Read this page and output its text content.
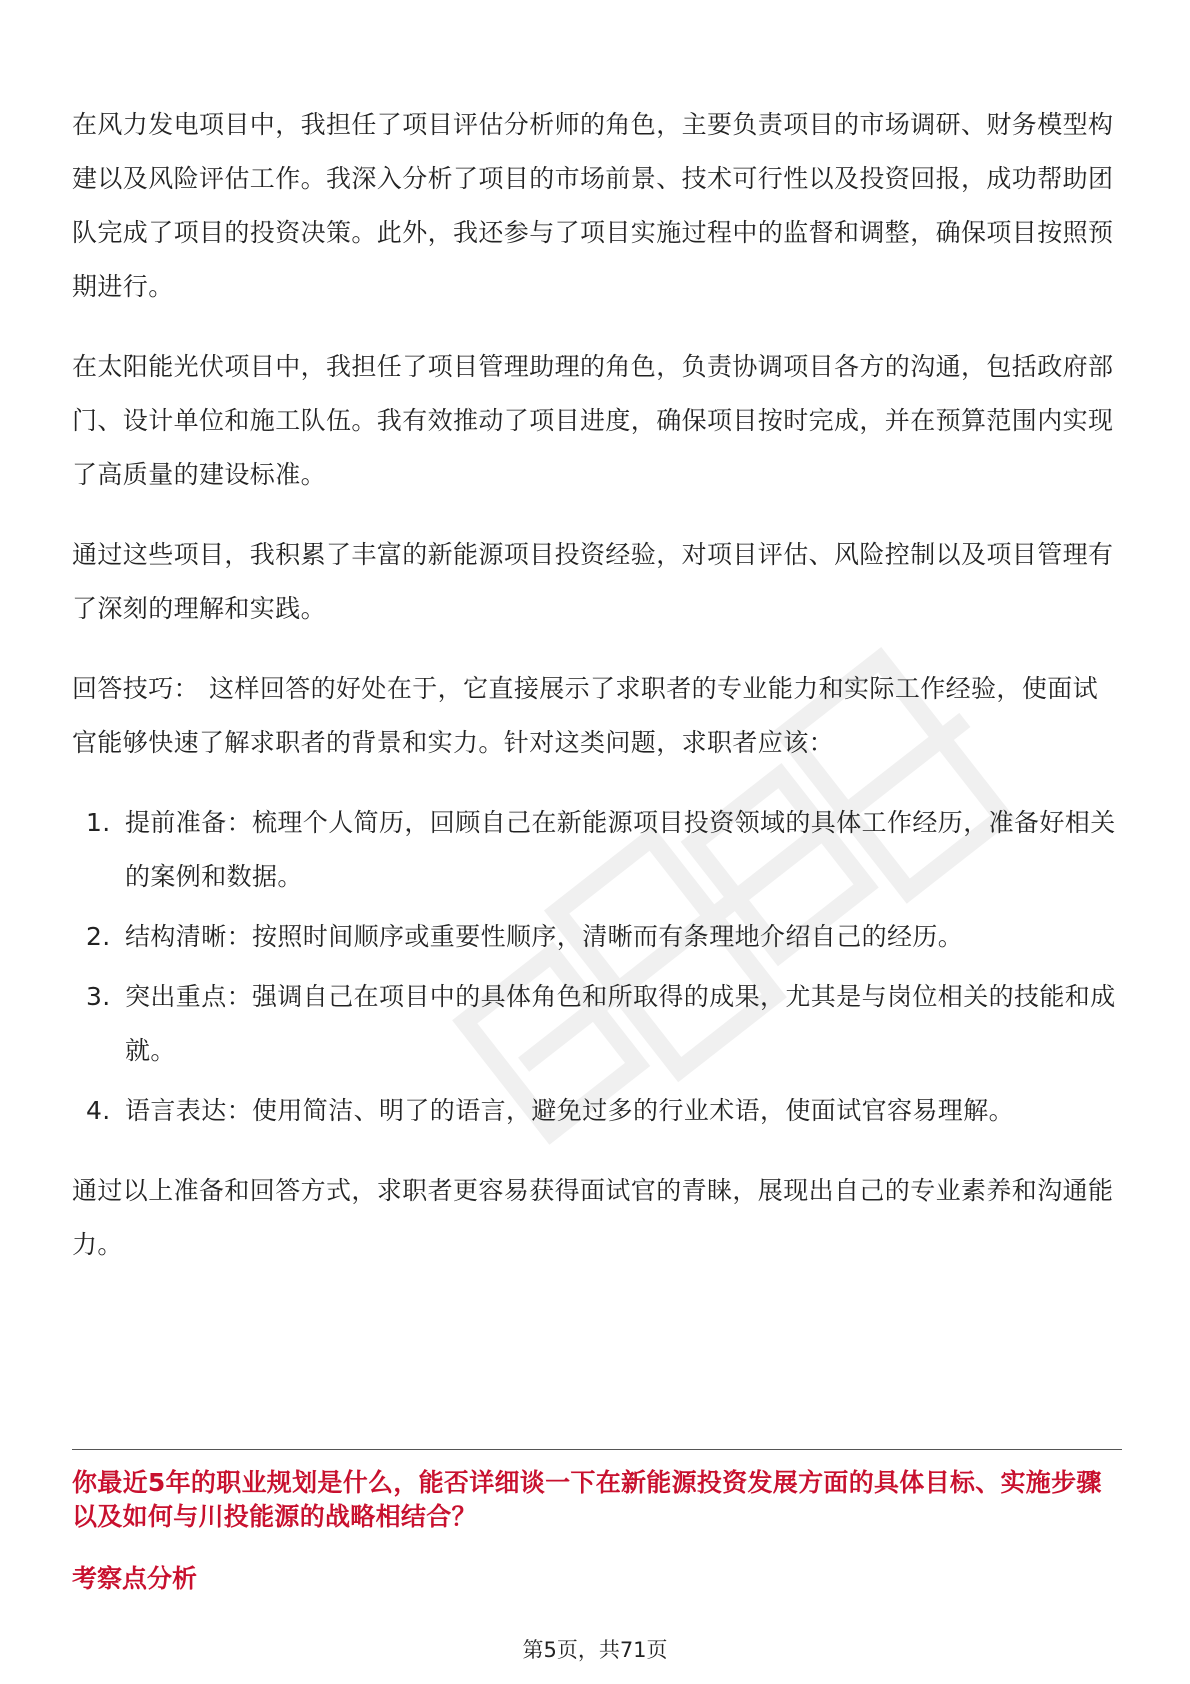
在风力发电项目中，我担任了项目评估分析师的角色，主要负责项目的市场调研、财务模型构建以及风险评估工作。我深入分析了项目的市场前景、技术可行性以及投资回报，成功帮助团队完成了项目的投资决策。此外，我还参与了项目实施过程中的监督和调整，确保项目按照预期进行。

在太阳能光伏项目中，我担任了项目管理助理的角色，负责协调项目各方的沟通，包括政府部门、设计单位和施工队伍。我有效推动了项目进度，确保项目按时完成，并在预算范围内实现了高质量的建设标准。

通过这些项目，我积累了丰富的新能源项目投资经验，对项目评估、风险控制以及项目管理有了深刻的理解和实践。

回答技巧： 这样回答的好处在于，它直接展示了求职者的专业能力和实际工作经验，使面试官能够快速了解求职者的背景和实力。针对这类问题，求职者应该：

1. 提前准备：梳理个人简历，回顾自己在新能源项目投资领域的具体工作经历，准备好相关的案例和数据。
2. 结构清晰：按照时间顺序或重要性顺序，清晰而有条理地介绍自己的经历。
3. 突出重点：强调自己在项目中的具体角色和所取得的成果，尤其是与岗位相关的技能和成就。
4. 语言表达：使用简洁、明了的语言，避免过多的行业术语，使面试官容易理解。

通过以上准备和回答方式，求职者更容易获得面试官的青睐，展现出自己的专业素养和沟通能力。

你最近5年的职业规划是什么，能否详细谈一下在新能源投资发展方面的具体目标、实施步骤以及如何与川投能源的战略相结合？
考察点分析
第5页，共71页
